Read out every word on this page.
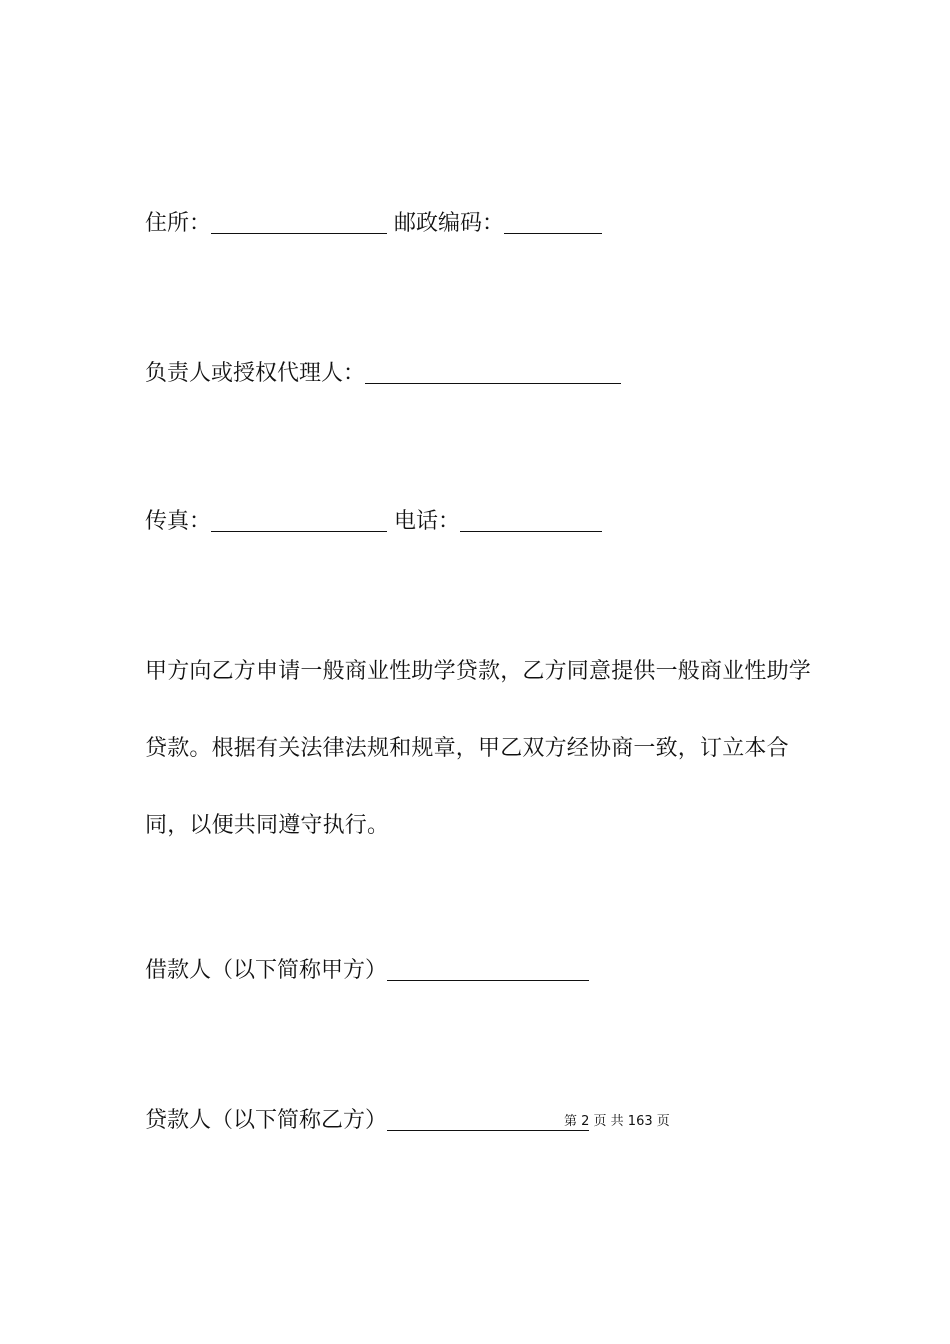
住所：	邮政编码：
负责人或授权代理人：
传真：	电话：
甲方向乙方申请一般商业性助学贷款，乙方同意提供一般商业性助学贷款。根据有关法律法规和规章，甲乙双方经协商一致，订立本合同，以便共同遵守执行。
借款人（以下简称甲方）
贷款人（以下简称乙方）	第 2 页 共 163 页
